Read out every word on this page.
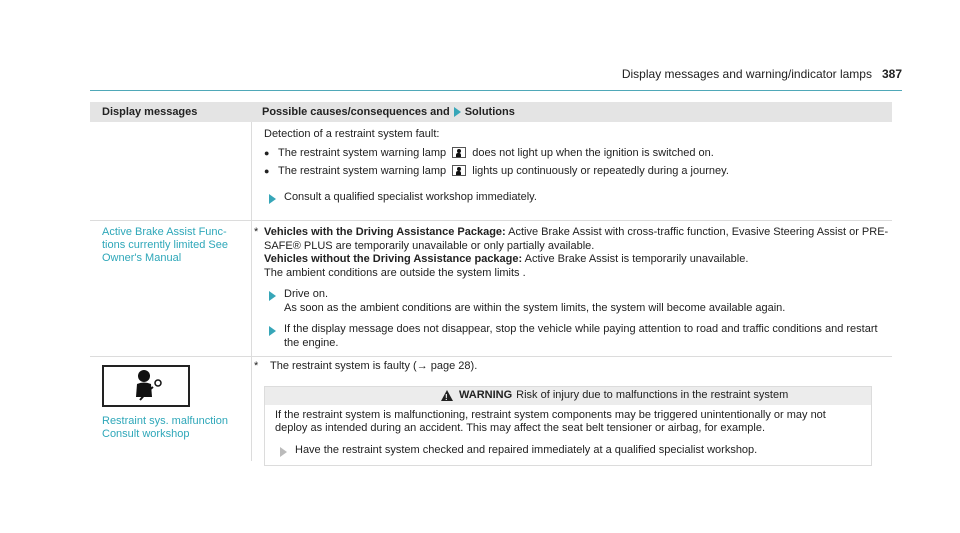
Display messages and warning/indicator lamps 387
Display messages	Possible causes/consequences and Solutions

Detection of a restraint system fault:

● The restraint system warning lamp does not light up when the ignition is switched on.
● The restraint system warning lamp lights up continuously or repeatedly during a journey.
Consult a qualified specialist workshop immediately.
Active Brake Assist Func-
tions currently limited See
Owner's Manual
* Vehicles with the Driving Assistance Package: Active Brake Assist with cross-traffic function, Evasive Steering Assist or PRE-SAFE® PLUS are temporarily unavailable or only partially available.

Vehicles without the Driving Assistance package: Active Brake Assist is temporarily unavailable.

The ambient conditions are outside the system limits .

Drive on.
As soon as the ambient conditions are within the system limits, the system will become available again.
If the display message does not disappear, stop the vehicle while paying attention to road and traffic conditions and restart the engine.
Restraint sys. malfunction
Consult workshop
*	The restraint system is faulty (→ page 28).

!
WARNING Risk of injury due to malfunctions in the restraint system

If the restraint system is malfunctioning, restraint system components may be triggered unintentionally or may not deploy as intended during an accident. This may affect the seat belt tensioner or airbag, for example.

Have the restraint system checked and repaired immediately at a qualified specialist workshop.
